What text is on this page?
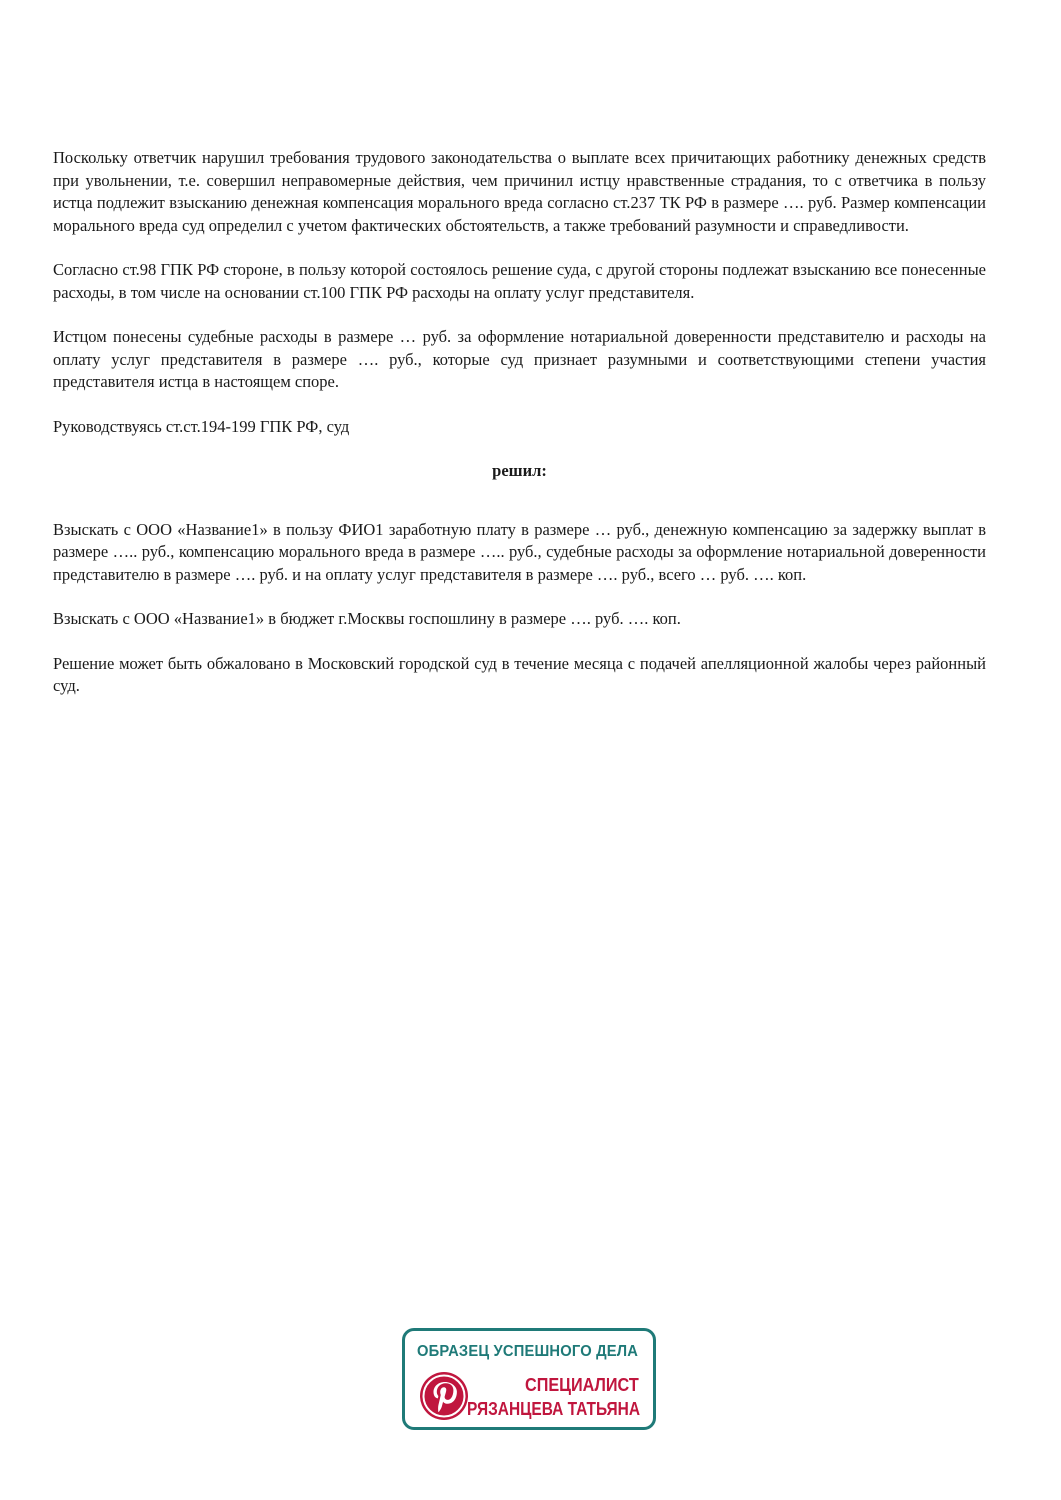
Поскольку ответчик нарушил требования трудового законодательства о выплате всех причитающих работнику денежных средств при увольнении, т.е. совершил неправомерные действия, чем причинил истцу нравственные страдания, то с ответчика в пользу истца подлежит взысканию денежная компенсация морального вреда согласно ст.237 ТК РФ в размере …. руб. Размер компенсации морального вреда суд определил с учетом фактических обстоятельств, а также требований разумности и справедливости.

Согласно ст.98 ГПК РФ стороне, в пользу которой состоялось решение суда, с другой стороны подлежат взысканию все понесенные расходы, в том числе на основании ст.100 ГПК РФ расходы на оплату услуг представителя.

Истцом понесены судебные расходы в размере … руб. за оформление нотариальной доверенности представителю и расходы на оплату услуг представителя в размере …. руб., которые суд признает разумными и соответствующими степени участия представителя истца в настоящем споре.

Руководствуясь ст.ст.194-199 ГПК РФ, суд

решил:

Взыскать с ООО «Название1» в пользу ФИО1 заработную плату в размере … руб., денежную компенсацию за задержку выплат в размере ….. руб., компенсацию морального вреда в размере ….. руб., судебные расходы за оформление нотариальной доверенности представителю в размере …. руб. и на оплату услуг представителя в размере …. руб., всего … руб. …. коп.

Взыскать с ООО «Название1» в бюджет г.Москвы госпошлину в размере …. руб. …. коп.

Решение может быть обжаловано в Московский городской суд в течение месяца с подачей апелляционной жалобы через районный суд.

ОБРАЗЕЦ УСПЕШНОГО ДЕЛА
СПЕЦИАЛИСТ
РЯЗАНЦЕВА ТАТЬЯНА
